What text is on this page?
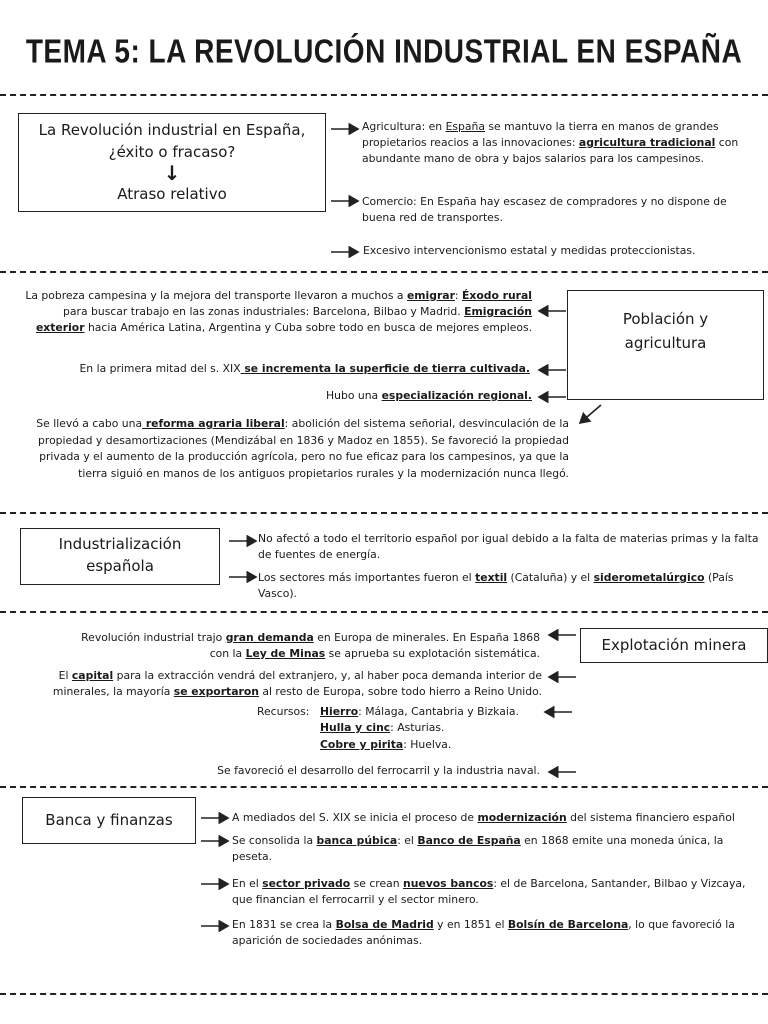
TEMA 5: LA REVOLUCIÓN INDUSTRIAL EN ESPAÑA
La Revolución industrial en España, ¿éxito o fracaso?
↓
Atraso relativo
Agricultura: en España se mantuvo la tierra en manos de grandes propietarios reacios a las innovaciones: agricultura tradicional con abundante mano de obra y bajos salarios para los campesinos.
Comercio: En España hay escasez de compradores y no dispone de buena red de transportes.
Excesivo intervencionismo estatal y medidas proteccionistas.
Población y agricultura
La pobreza campesina y la mejora del transporte llevaron a muchos a emigrar: Éxodo rural para buscar trabajo en las zonas industriales: Barcelona, Bilbao y Madrid. Emigración exterior hacia América Latina, Argentina y Cuba sobre todo en busca de mejores empleos.
En la primera mitad del s. XIX se incrementa la superficie de tierra cultivada.
Hubo una especialización regional.
Se llevó a cabo una reforma agraria liberal: abolición del sistema señorial, desvinculación de la propiedad y desamortizaciones (Mendizábal en 1836 y Madoz en 1855). Se favoreció la propiedad privada y el aumento de la producción agrícola, pero no fue eficaz para los campesinos, ya que la tierra siguió en manos de los antiguos propietarios rurales y la modernización nunca llegó.
Industrialización española
No afectó a todo el territorio español por igual debido a la falta de materias primas y la falta de fuentes de energía.
Los sectores más importantes fueron el textil (Cataluña) y el siderometalúrgico (País Vasco).
Explotación minera
Revolución industrial trajo gran demanda en Europa de minerales. En España 1868 con la Ley de Minas se aprueba su explotación sistemática.
El capital para la extracción vendrá del extranjero, y, al haber poca demanda interior de minerales, la mayoría se exportaron al resto de Europa, sobre todo hierro a Reino Unido.
Recursos: Hierro: Málaga, Cantabria y Bizkaia.
Hulla y cinc: Asturias.
Cobre y pirita: Huelva.
Se favoreció el desarrollo del ferrocarril y la industria naval.
Banca y finanzas	A mediados del S. XIX se inicia el proceso de modernización del sistema financiero español
Se consolida la banca púbica: el Banco de España en 1868 emite una moneda única, la peseta.
En el sector privado se crean nuevos bancos: el de Barcelona, Santander, Bilbao y Vizcaya, que financian el ferrocarril y el sector minero.
En 1831 se crea la Bolsa de Madrid y en 1851 el Bolsín de Barcelona, lo que favoreció la aparición de sociedades anónimas.
